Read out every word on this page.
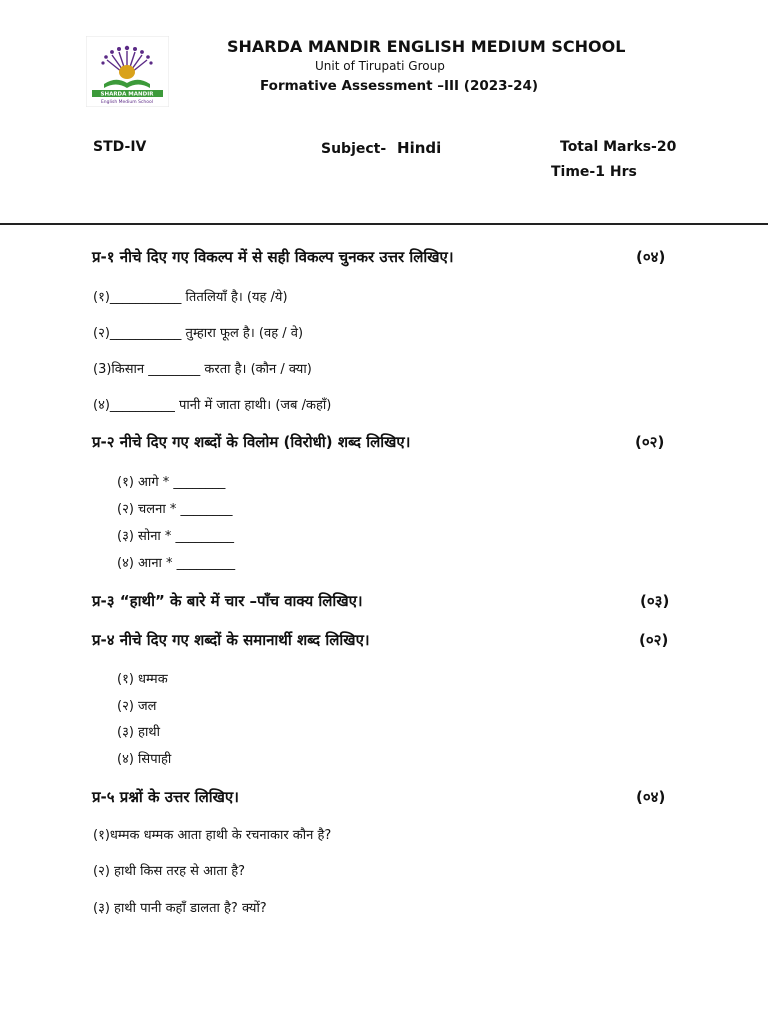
SHARDA MANDIR
English Medium School
SHARDA MANDIR ENGLISH MEDIUM SCHOOL
Unit of Tirupati Group
Formative Assessment –III (2023-24)
STD-IV	Subject- Hindi	Total Marks-20
Time-1 Hrs
प्र-१ नीचे दिए गए विकल्प में से सही विकल्प चुनकर उत्तर लिखिए।	(०४)
(१)___________ तितलियाँ है। (यह /ये)
(२)___________ तुम्हारा फूल है। (वह / वे)
(3)किसान ________ करता है। (कौन / क्या)
(४)__________ पानी में जाता हाथी। (जब /कहाँ)
प्र-२ नीचे दिए गए शब्दों के विलोम (विरोधी) शब्द लिखिए।	(०२)
(१) आगे * ________
(२) चलना * ________
(३) सोना * _________
(४) आना * _________
प्र-३ “हाथी” के बारे में चार –पाँच वाक्य लिखिए।	(०३)
प्र-४ नीचे दिए गए शब्दों के समानार्थी शब्द लिखिए।	(०२)
(१) धम्मक
(२) जल
(३) हाथी
(४) सिपाही
प्र-५ प्रश्नों के उत्तर लिखिए।	(०४)
(१)धम्मक धम्मक आता हाथी के रचनाकार कौन है?
(२) हाथी किस तरह से आता है?
(३) हाथी पानी कहाँ डालता है? क्यों?
